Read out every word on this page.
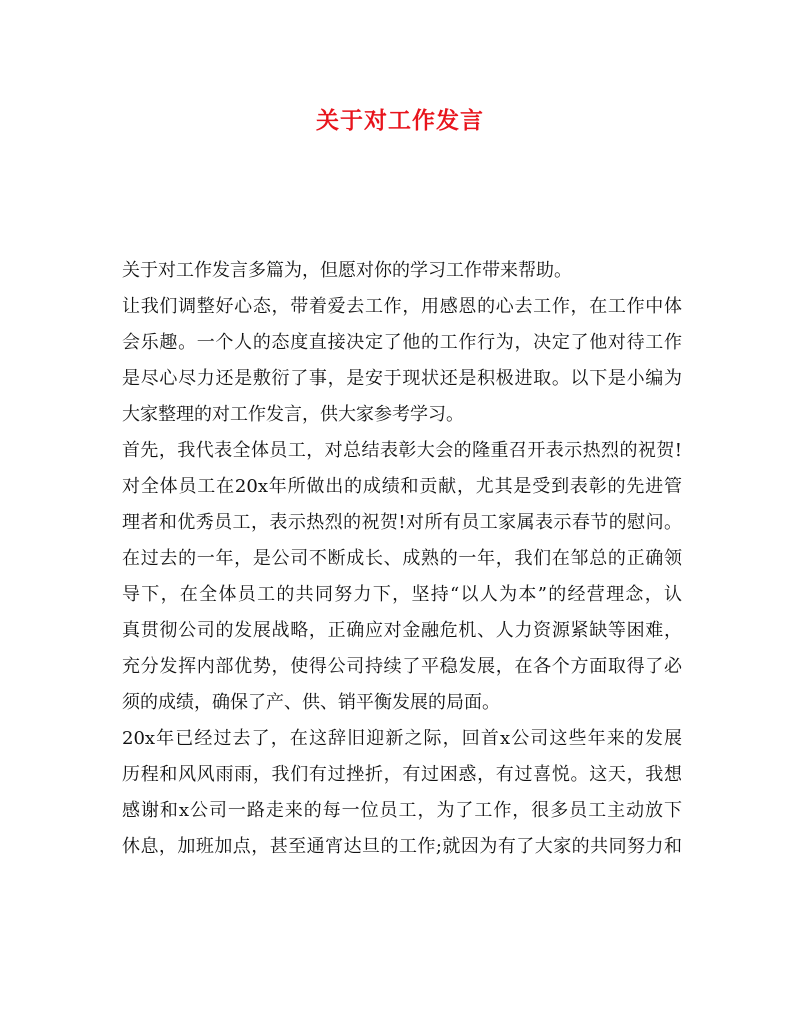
关于对工作发言
关于对工作发言多篇为，但愿对你的学习工作带来帮助。
让我们调整好心态，带着爱去工作，用感恩的心去工作，在工作中体
会乐趣。一个人的态度直接决定了他的工作行为，决定了他对待工作
是尽心尽力还是敷衍了事，是安于现状还是积极进取。以下是小编为
大家整理的对工作发言，供大家参考学习。
首先，我代表全体员工，对总结表彰大会的隆重召开表示热烈的祝贺!
对全体员工在20x年所做出的成绩和贡献，尤其是受到表彰的先进管
理者和优秀员工，表示热烈的祝贺!对所有员工家属表示春节的慰问。
在过去的一年，是公司不断成长、成熟的一年，我们在邹总的正确领
导下，在全体员工的共同努力下，坚持“以人为本”的经营理念，认
真贯彻公司的发展战略，正确应对金融危机、人力资源紧缺等困难，
充分发挥内部优势，使得公司持续了平稳发展，在各个方面取得了必
须的成绩，确保了产、供、销平衡发展的局面。
20x年已经过去了，在这辞旧迎新之际，回首x公司这些年来的发展
历程和风风雨雨，我们有过挫折，有过困惑，有过喜悦。这天，我想
感谢和x公司一路走来的每一位员工，为了工作，很多员工主动放下
休息，加班加点，甚至通宵达旦的工作;就因为有了大家的共同努力和
